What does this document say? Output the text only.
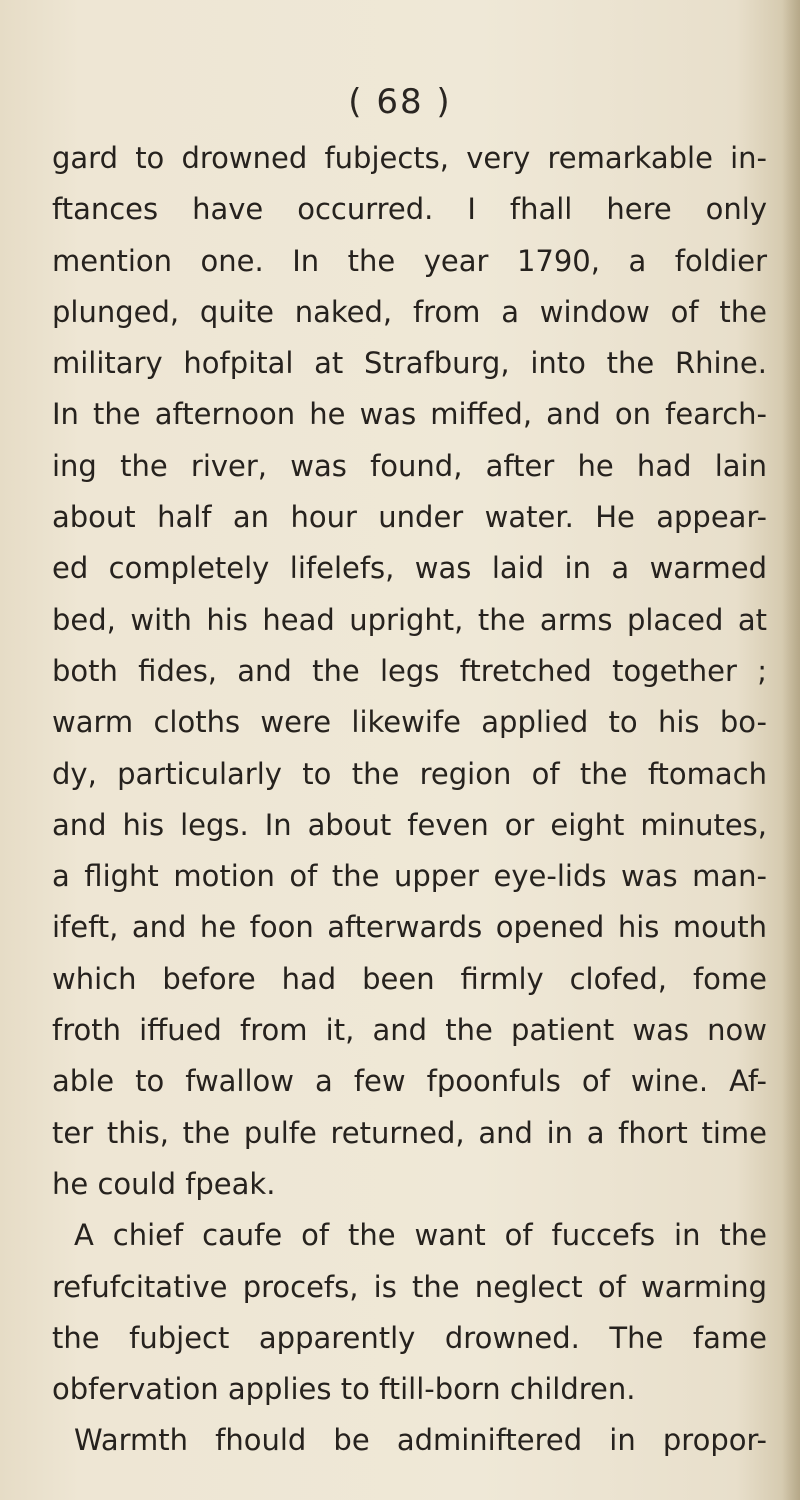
( 68 )
gard to drowned fubjects, very remarkable in-
ftances have occurred. I fhall here only
mention one. In the year 1790, a foldier
plunged, quite naked, from a window of the
military hofpital at Strafburg, into the Rhine.
In the afternoon he was miffed, and on fearch-
ing the river, was found, after he had lain
about half an hour under water. He appear-
ed completely lifelefs, was laid in a warmed
bed, with his head upright, the arms placed at
both fides, and the legs ftretched together ;
warm cloths were likewife applied to his bo-
dy, particularly to the region of the ftomach
and his legs. In about feven or eight minutes,
a flight motion of the upper eye-lids was man-
ifeft, and he foon afterwards opened his mouth
which before had been firmly clofed, fome
froth iffued from it, and the patient was now
able to fwallow a few fpoonfuls of wine. Af-
ter this, the pulfe returned, and in a fhort time
he could fpeak.
A chief caufe of the want of fuccefs in the
refufcitative procefs, is the neglect of warming
the fubject apparently drowned. The fame
obfervation applies to ftill-born children.
Warmth fhould be adminiftered in propor-
